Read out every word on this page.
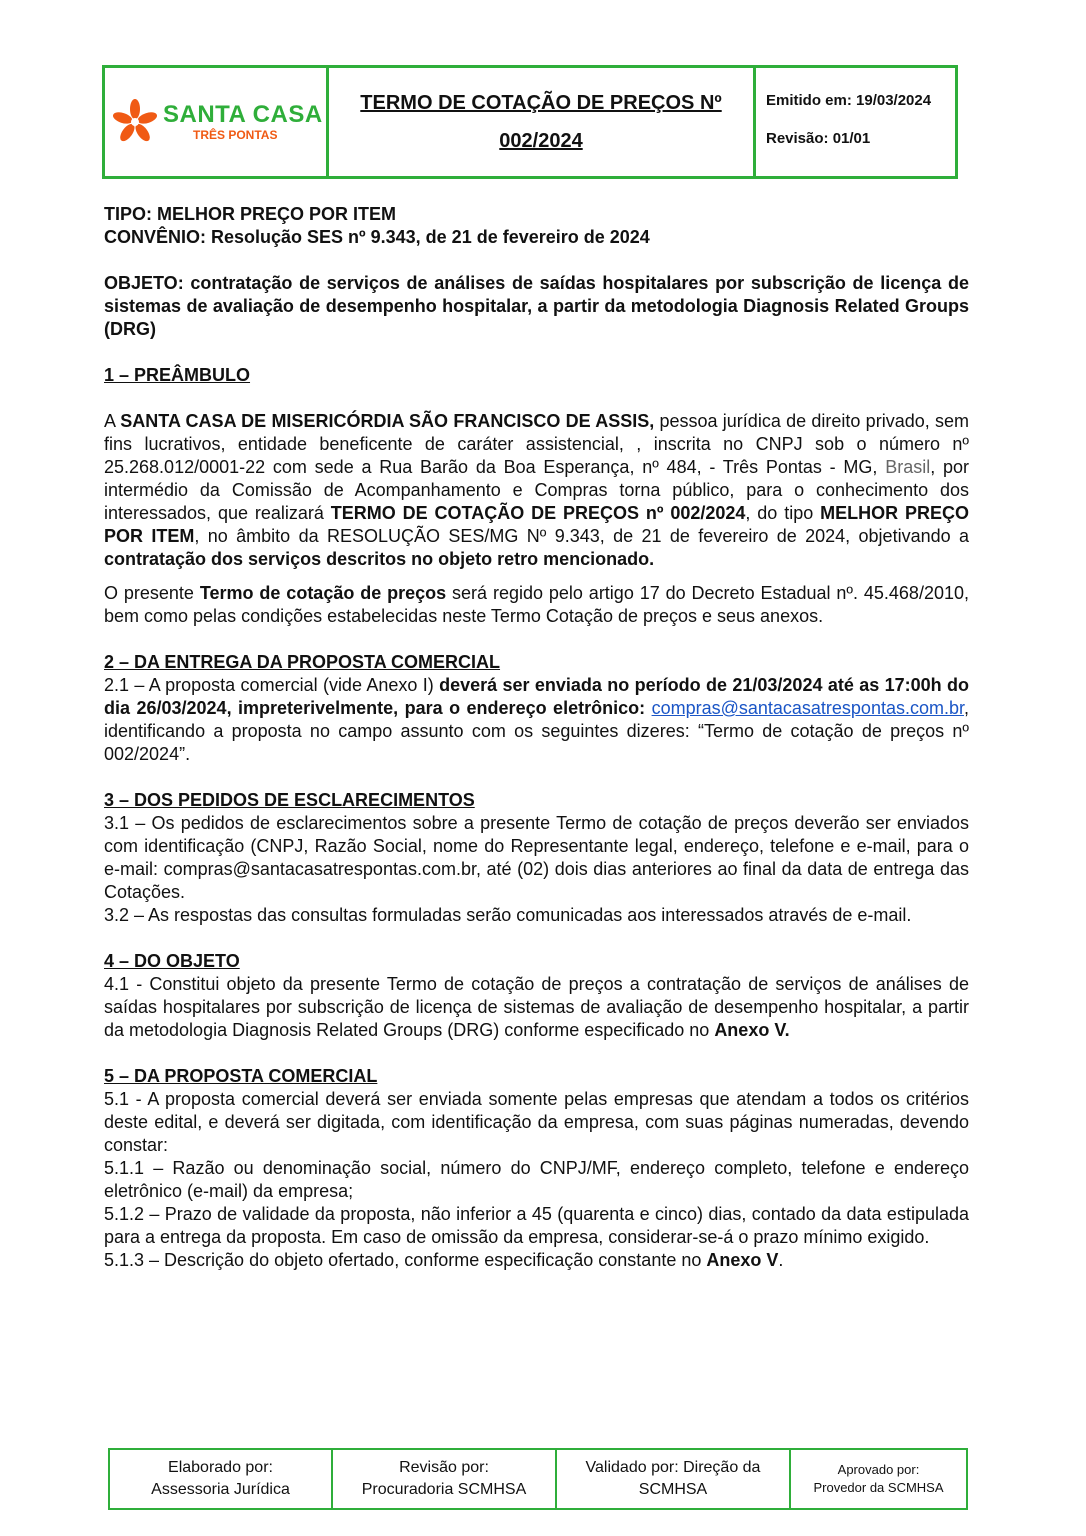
SANTA CASA
TRÊS PONTAS
TERMO DE COTAÇÃO DE PREÇOS Nº
002/2024
Emitido em: 19/03/2024
Revisão: 01/01

TIPO: MELHOR PREÇO POR ITEM

CONVÊNIO: Resolução SES nº 9.343, de 21 de fevereiro de 2024

OBJETO: contratação de serviços de análises de saídas hospitalares por subscrição de licença de sistemas de avaliação de desempenho hospitalar, a partir da metodologia Diagnosis Related Groups (DRG)

1 – PREÂMBULO

A SANTA CASA DE MISERICÓRDIA SÃO FRANCISCO DE ASSIS, pessoa jurídica de direito privado, sem fins lucrativos, entidade beneficente de caráter assistencial, , inscrita no CNPJ sob o número nº 25.268.012/0001-22 com sede a Rua Barão da Boa Esperança, nº 484, - Três Pontas - MG, Brasil, por intermédio da Comissão de Acompanhamento e Compras torna público, para o conhecimento dos interessados, que realizará TERMO DE COTAÇÃO DE PREÇOS nº 002/2024, do tipo MELHOR PREÇO POR ITEM, no âmbito da RESOLUÇÃO SES/MG Nº 9.343, de 21 de fevereiro de 2024, objetivando a contratação dos serviços descritos no objeto retro mencionado.

O presente Termo de cotação de preços será regido pelo artigo 17 do Decreto Estadual nº. 45.468/2010, bem como pelas condições estabelecidas neste Termo Cotação de preços e seus anexos.

2 – DA ENTREGA DA PROPOSTA COMERCIAL

2.1 – A proposta comercial (vide Anexo I) deverá ser enviada no período de 21/03/2024 até as 17:00h do dia 26/03/2024, impreterivelmente, para o endereço eletrônico: compras@santacasatrespontas.com.br, identificando a proposta no campo assunto com os seguintes dizeres: “Termo de cotação de preços nº 002/2024”.

3 – DOS PEDIDOS DE ESCLARECIMENTOS

3.1 – Os pedidos de esclarecimentos sobre a presente Termo de cotação de preços deverão ser enviados com identificação (CNPJ, Razão Social, nome do Representante legal, endereço, telefone e e-mail, para o e-mail: compras@santacasatrespontas.com.br, até (02) dois dias anteriores ao final da data de entrega das Cotações.

3.2 – As respostas das consultas formuladas serão comunicadas aos interessados através de e-mail.

4 – DO OBJETO

4.1 - Constitui objeto da presente Termo de cotação de preços a contratação de serviços de análises de saídas hospitalares por subscrição de licença de sistemas de avaliação de desempenho hospitalar, a partir da metodologia Diagnosis Related Groups (DRG) conforme especificado no Anexo V.

5 – DA PROPOSTA COMERCIAL

5.1 - A proposta comercial deverá ser enviada somente pelas empresas que atendam a todos os critérios deste edital, e deverá ser digitada, com identificação da empresa, com suas páginas numeradas, devendo constar:

5.1.1 – Razão ou denominação social, número do CNPJ/MF, endereço completo, telefone e endereço eletrônico (e-mail) da empresa;

5.1.2 – Prazo de validade da proposta, não inferior a 45 (quarenta e cinco) dias, contado da data estipulada para a entrega da proposta. Em caso de omissão da empresa, considerar-se-á o prazo mínimo exigido.

5.1.3 – Descrição do objeto ofertado, conforme especificação constante no Anexo V.

Elaborado por:
Assessoria Jurídica
Revisão por:
Procuradoria SCMHSA
Validado por: Direção da
SCMHSA
Aprovado por:
Provedor da SCMHSA
